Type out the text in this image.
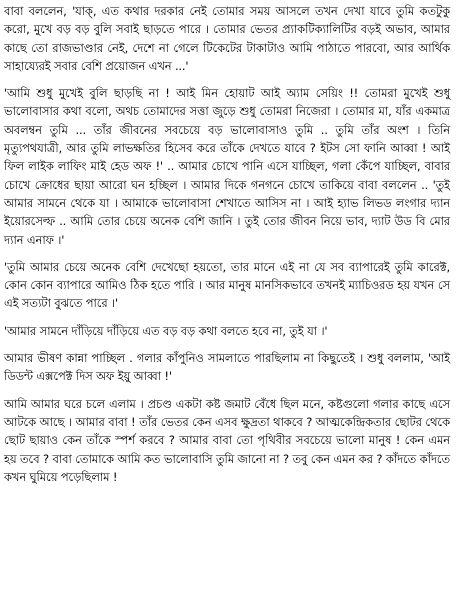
বাবা বললেন, 'যাক্, এত কথার দরকার নেই তোমার সময় আসলে তখন দেখা যাবে তুমি কতটুকু করো, মুখে বড় বড় বুলি সবাই ছাড়তে পারে । তোমার ভেতর প্র্যাকটিক্যালিটির বড়ই অভাব, আমার কাছে তো রাজভাণ্ডার নেই, দেশে না গেলে টিকেটের টাকাটাও আমি পাঠাতে পারবো, আর আর্থিক সাহায্যেরই সবার বেশি প্রয়োজন এখন ...'

'আমি শুধু মুখেই বুলি ছাড়ছি না ! আই মিন হোয়াট আই অ্যাম সেয়িং !! তোমরা মুখেই শুধু ভালোবাসার কথা বলো, অথচ তোমাদের সত্তা জুড়ে শুধু তোমরা নিজেরা । তোমার মা, যাঁর একমাত্র অবলম্বন তুমি ... তাঁর জীবনের সবচেয়ে বড় ভালোবাসাও তুমি .. তুমি তাঁর অংশ । তিনি মৃত্যুপথযাত্রী, আর তুমি লাভক্ষতির হিসেব করে তাঁকে দেখতে যাবে ? ইটস সো ফানি আব্বা ! আই ফিল লাইক লাফিং মাই হেড অফ !' .. আমার চোখে পানি এসে যাচ্ছিল, গলা কেঁপে যাচ্ছিল, বাবার চোখে ক্রোধের ছায়া আরো ঘন হচ্ছিল । আমার দিকে গনগনে চোখে তাকিয়ে বাবা বললেন .. 'তুই আমার সামনে থেকে যা । আমাকে ভালোবাসা শেখাতে আসিস না । আই হ্যাভ লিভড লংগার দ্যান ইয়োরসেল্ফ .. আমি তোর চেয়ে অনেক বেশি জানি । তুই তোর জীবন নিয়ে ভাব, দ্যাট উড বি মোর দ্যান এনাফ ।'

'তুমি আমার চেয়ে অনেক বেশি দেখেছো হয়তো, তার মানে এই না যে সব ব্যাপারেই তুমি কারেক্ট, কোন কোন ব্যাপারে আমিও ঠিক হতে পারি । আর মানুষ মানসিকভাবে তখনই ম্যাচিওরড হয় যখন সে এই সত্যটা বুঝতে পারে ।'

'আমার সামনে দাঁড়িয়ে দাঁড়িয়ে এত বড় বড় কথা বলতে হবে না, তুই যা ।'

আমার ভীষণ কান্না পাচ্ছিল . গলার কাঁপুনিও সামলাতে পারছিলাম না কিছুতেই । শুধু বললাম, 'আই ডিডন্ট এক্সপেক্ট দিস অফ ইয়ু আব্বা !'

আমি আমার ঘরে চলে এলাম । প্রচণ্ড একটা কষ্ট জমাট বেঁধে ছিল মনে, কষ্টগুলো গলার কাছে এসে আটকে আছে । আমার বাবা ! তাঁর ভেতর কেন এসব ক্ষুদ্রতা থাকবে ? আত্মকেন্দ্রিকতার ছোটর থেকে ছোট ছায়াও কেন তাঁকে স্পর্শ করবে ? আমার বাবা তো পৃথিবীর সবচেয়ে ভালো মানুষ ! কেন এমন হয় তবে ? বাবা তোমাকে আমি কত ভালোবাসি তুমি জানো না ? তবু কেন এমন কর ? কাঁদতে কাঁদতে কখন ঘুমিয়ে পড়েছিলাম !
